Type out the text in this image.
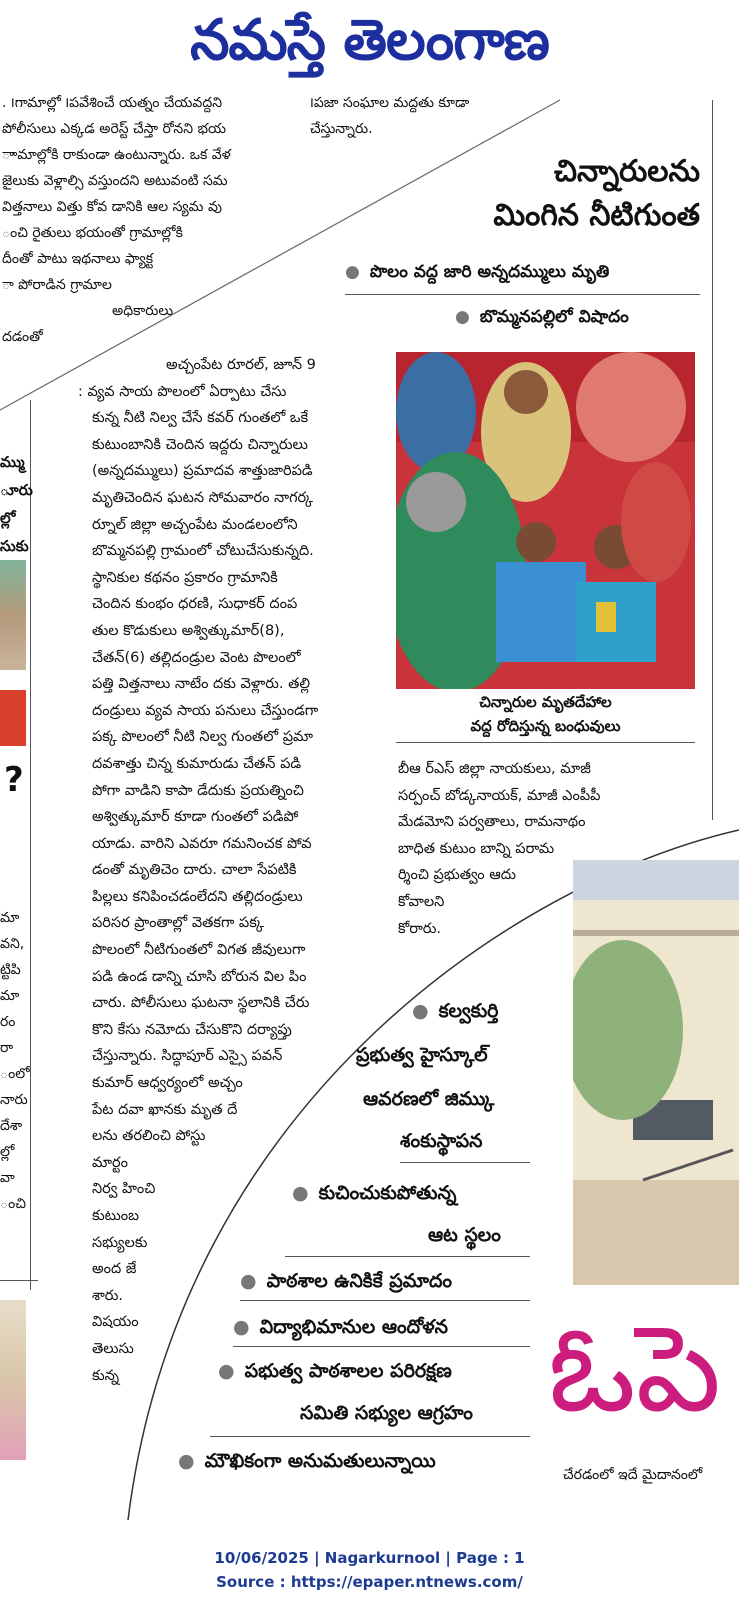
నమస్తే తెలంగాణ

. ౹గామాల్లో ౹పవేశించే యత్నం చేయవద్దని

పోలీసులు ఎక్కడ అరెస్ట్ చేస్తా రోనని భయ

ాామాల్లోకి రాకుండా ఉంటున్నారు. ఒక వేళ

జైలుకు వెళ్లాల్సి వస్తుందని అటువంటి సమ

విత్తనాలు విత్తు కోవ డానికి ఆల స్యమ వు

ంచి రైతులు భయంతో గ్రామాల్లోకి

దీంతో పాటు ఇథనాలు ఫ్యాక్ట

ా పోరాడిన గ్రామాల

అధికారులు

దడంతో

౹పజా సంఘాల మద్దతు కూడా

చేస్తున్నారు.

చిన్నారులను
మింగిన నీటిగుంత
● పొలం వద్ద జారి అన్నదమ్ములు మృతి
● బొమ్మనపల్లిలో విషాదం
మ్ము
ూరు
ల్లో
సుకు
?
మా
వని,
ట్టిపి
మా
రం
రా
ంలో
నారు
దేశా
ల్లో
వా
ంచి

అచ్చంపేట రూరల్, జూన్ 9

: వ్యవ సాయ పొలంలో ఏర్పాటు చేసు

కున్న నీటి నిల్వ చేసే కవర్ గుంతలో ఒకే

కుటుంబానికి చెందిన ఇద్దరు చిన్నారులు

(అన్నదమ్ములు) ప్రమాదవ శాత్తుజారిపడి

మృతిచెందిన ఘటన సోమవారం నాగర్క

ర్నూల్ జిల్లా అచ్చంపేట మండలంలోని

బొమ్మనపల్లి గ్రామంలో చోటుచేసుకున్నది.

స్థానికుల కథనం ప్రకారం గ్రామానికి

చెందిన కుంభం ధరణి, సుధాకర్ దంప

తుల కొడుకులు అశ్విత్కుమార్(8),

చేతన్(6) తల్లిదండ్రుల వెంట పొలంలో

పత్తి విత్తనాలు నాటేం దకు వెళ్లారు. తల్లి

దండ్రులు వ్యవ సాయ పనులు చేస్తుండగా

పక్క పొలంలో నీటి నిల్వ గుంతలో ప్రమా

దవశాత్తు చిన్న కుమారుడు చేతన్ పడి

పోగా వాడిని కాపా డేదుకు ప్రయత్నించి

అశ్విత్కుమార్ కూడా గుంతలో పడిపో

యాడు. వారిని ఎవరూ గమనించక పోవ

డంతో మృతిచెం దారు. చాలా సేపటికి

పిల్లలు కనిపించడంలేదని తల్లిదండ్రులు

పరిసర ప్రాంతాల్లో వెతకగా పక్క

పొలంలో నీటిగుంతలో విగత జీవులుగా

పడి ఉండ డాన్ని చూసి బోరున విల పిం

చారు. పోలీసులు ఘటనా స్థలానికి చేరు

కొని కేసు నమోదు చేసుకొని దర్యాప్తు

చేస్తున్నారు. సిద్ధాపూర్ ఎస్సై పవన్

కుమార్ ఆధ్వర్యంలో అచ్చం

పేట దవా ఖానకు మృత దే

లను తరలించి పోస్టు

మార్టం

నిర్వ హించి

కుటుంబ

సభ్యులకు

అంద జే

శారు.

విషయం

తెలుసు

కున్న

చిన్నారుల మృతదేహాల
వద్ద రోదిస్తున్న బంధువులు

బీఆ ర్ఎస్ జిల్లా నాయకులు, మాజీ

సర్పంచ్ బోడ్కనాయక్, మాజీ ఎంపీపీ

మేడమోని పర్వతాలు, రామనాథం

బాధిత కుటుం బాన్ని పరామ

ర్శించి ప్రభుత్వం ఆదు

కోవాలని

కోరారు.

● కల్వకుర్తి
ప్రభుత్వ హైస్కూల్
ఆవరణలో జిమ్కు
శంకుస్థాపన
● కుచించుకుపోతున్న
ఆట స్థలం
● పాఠశాల ఉనికికే ప్రమాదం
● విద్యాభిమానుల ఆందోళన
● పభుత్వ పాఠశాలల పరిరక్షణ
సమితి సభ్యుల ఆగ్రహం
● మౌఖికంగా అనుమతులున్నాయి
ఓపె
చేరడంలో ఇదే మైదానంలో
10/06/2025 | Nagarkurnool | Page : 1
Source : https://epaper.ntnews.com/
